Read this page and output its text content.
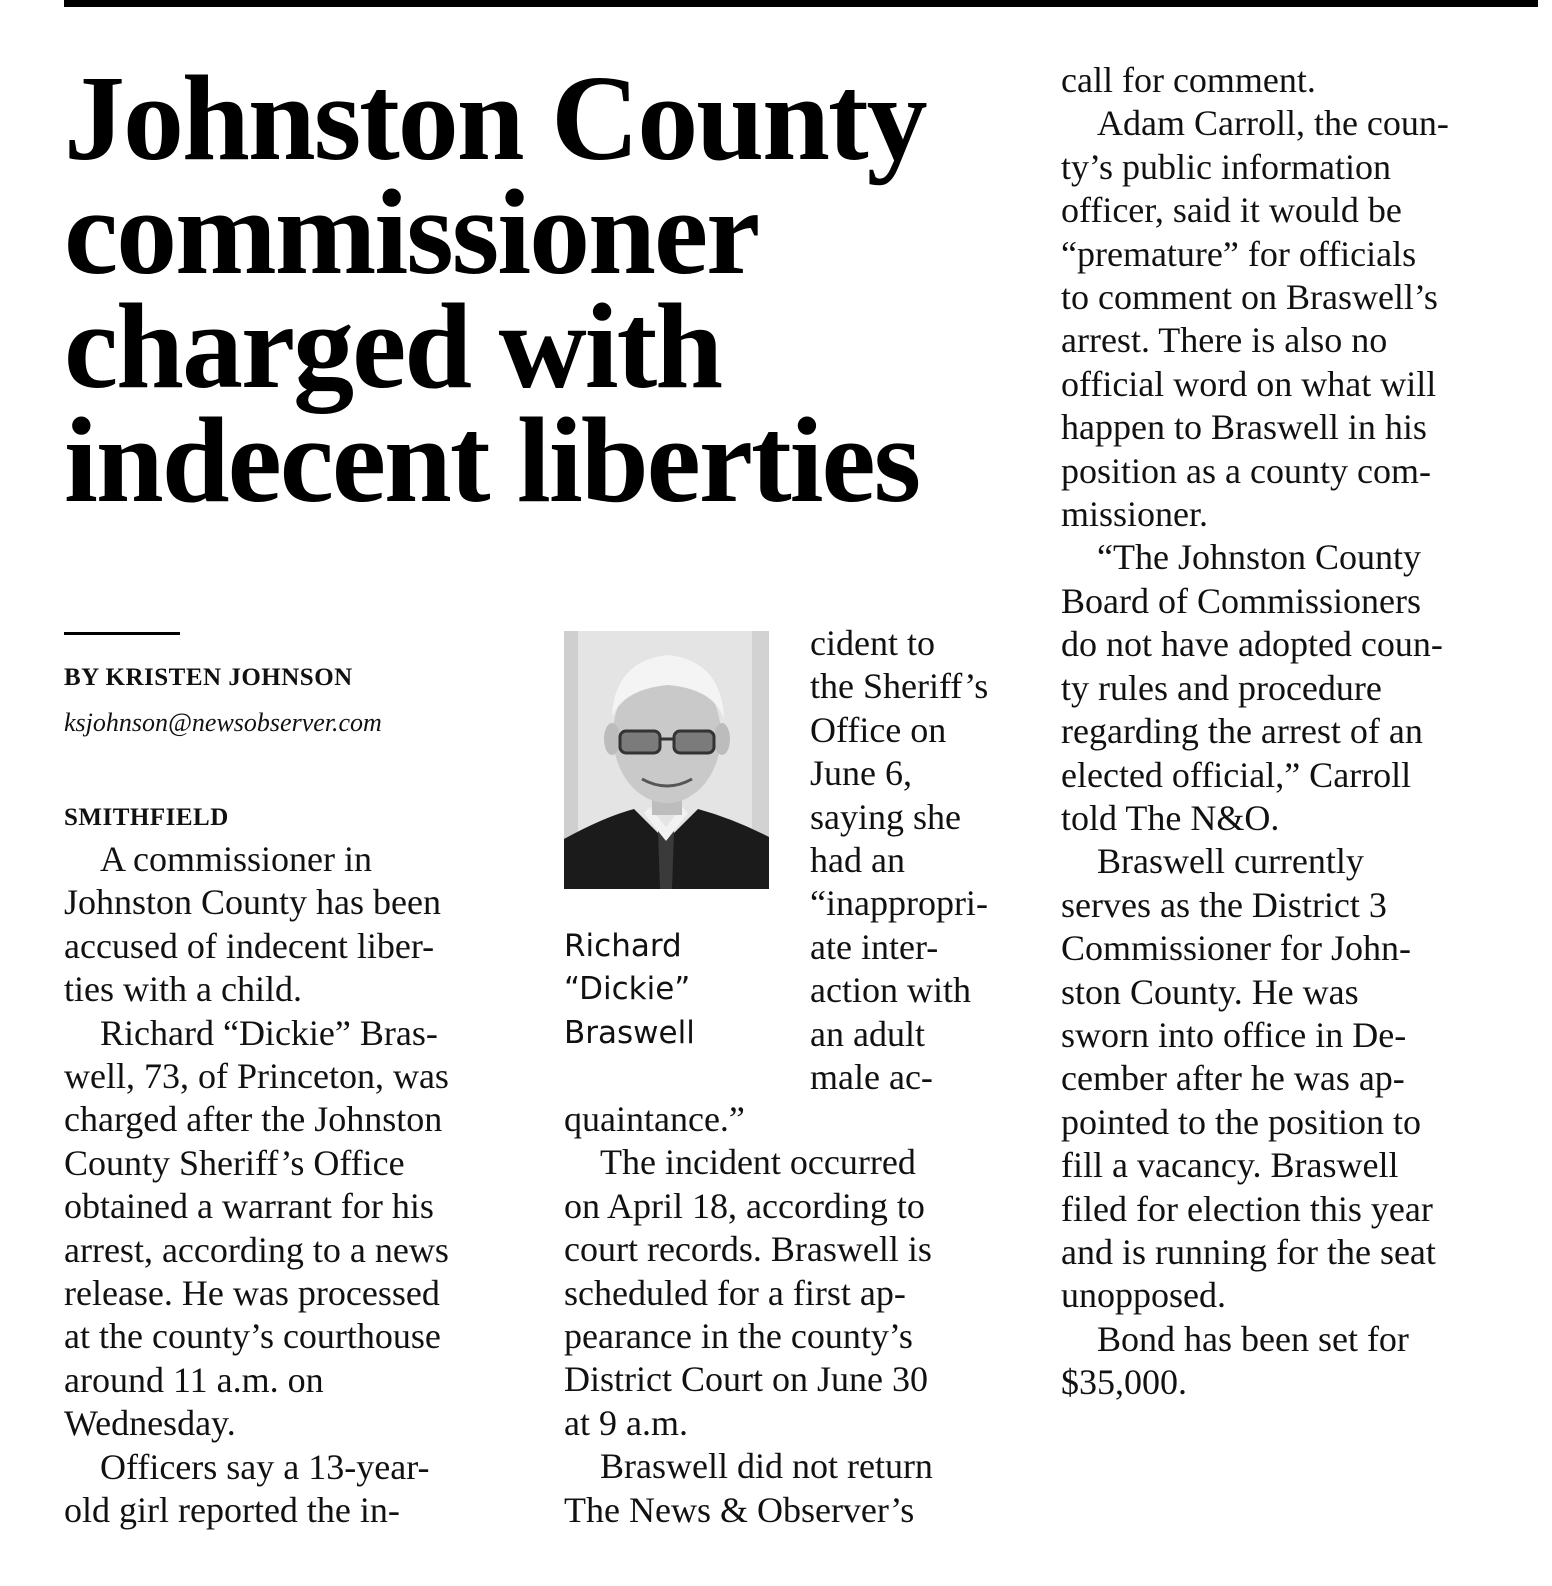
Johnston County
commissioner
charged with
indecent liberties
BY KRISTEN JOHNSON
ksjohnson@newsobserver.com
SMITHFIELD

A commissioner in
Johnston County has been
accused of indecent liber-
ties with a child.

Richard “Dickie” Bras-
well, 73, of Princeton, was
charged after the Johnston
County Sheriff’s Office
obtained a warrant for his
arrest, according to a news
release. He was processed
at the county’s courthouse
around 11 a.m. on
Wednesday.

Officers say a 13-year-
old girl reported the in-

Richard
“Dickie”
Braswell
cident to
the Sheriff’s
Office on
June 6,
saying she
had an
“inappropri-
ate inter-
action with
an adult
male ac-

quaintance.”

The incident occurred
on April 18, according to
court records. Braswell is
scheduled for a first ap-
pearance in the county’s
District Court on June 30
at 9 a.m.

Braswell did not return
The News & Observer’s

call for comment.

Adam Carroll, the coun-
ty’s public information
officer, said it would be
“premature” for officials
to comment on Braswell’s
arrest. There is also no
official word on what will
happen to Braswell in his
position as a county com-
missioner.

“The Johnston County
Board of Commissioners
do not have adopted coun-
ty rules and procedure
regarding the arrest of an
elected official,” Carroll
told The N&O.

Braswell currently
serves as the District 3
Commissioner for John-
ston County. He was
sworn into office in De-
cember after he was ap-
pointed to the position to
fill a vacancy. Braswell
filed for election this year
and is running for the seat
unopposed.

Bond has been set for
$35,000.
